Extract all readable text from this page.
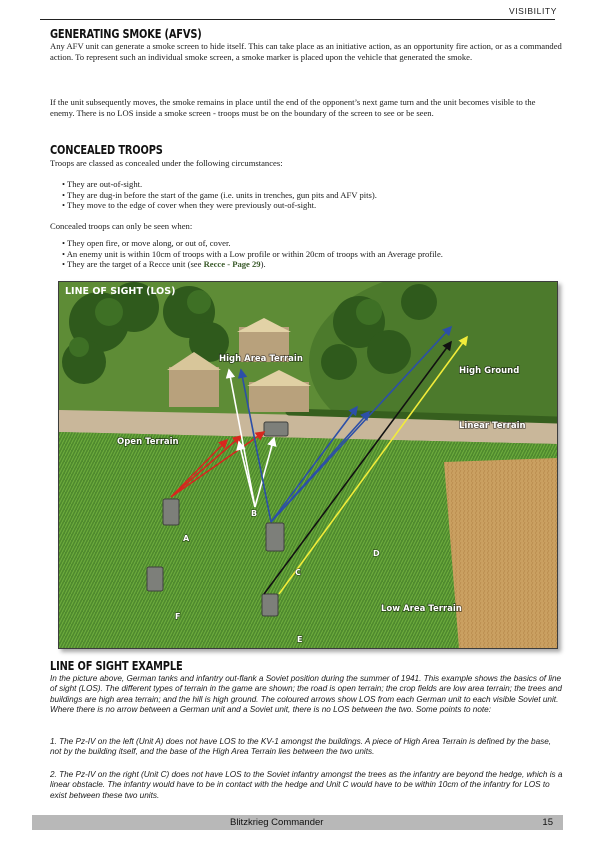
VISIBILITY
GENERATING SMOKE (AFVS)

Any AFV unit can generate a smoke screen to hide itself. This can take place as an initiative action, as an opportunity fire action, or as a commanded action. To represent such an individual smoke screen, a smoke marker is placed upon the vehicle that generated the smoke.

If the unit subsequently moves, the smoke remains in place until the end of the opponent’s next game turn and the unit becomes visible to the enemy. There is no LOS inside a smoke screen - troops must be on the boundary of the screen to see or be seen.

CONCEALED TROOPS

Troops are classed as concealed under the following circumstances:

• They are out-of-sight.
• They are dug-in before the start of the game (i.e. units in trenches, gun pits and AFV pits).
• They move to the edge of cover when they were previously out-of-sight.

Concealed troops can only be seen when:

• They open fire, or move along, or out of, cover.
• An enemy unit is within 10cm of troops with a Low profile or within 20cm of troops with an Average profile.
• They are the target of a Recce unit (see Recce - Page 29).
LINE OF SIGHT (LOS)
High Area Terrain
High Ground
Linear Terrain
Open Terrain
Low Area Terrain
A
B
C
D
E
F
LINE OF SIGHT EXAMPLE

In the picture above, German tanks and infantry out-flank a Soviet position during the summer of 1941. This example shows the basics of line of sight (LOS). The different types of terrain in the game are shown; the road is open terrain; the crop fields are low area terrain; the trees and buildings are high area terrain; and the hill is high ground. The coloured arrows show LOS from each German unit to each visible Soviet unit. Where there is no arrow between a German unit and a Soviet unit, there is no LOS between the two. Some points to note:

1. The Pz-IV on the left (Unit A) does not have LOS to the KV-1 amongst the buildings. A piece of High Area Terrain is defined by the base, not by the building itself, and the base of the High Area Terrain lies between the two units.

2. The Pz-IV on the right (Unit C) does not have LOS to the Soviet infantry amongst the trees as the infantry are beyond the hedge, which is a linear obstacle. The infantry would have to be in contact with the hedge and Unit C would have to be within 10cm of the infantry for LOS to exist between these two units.

Blitzkrieg Commander	15
